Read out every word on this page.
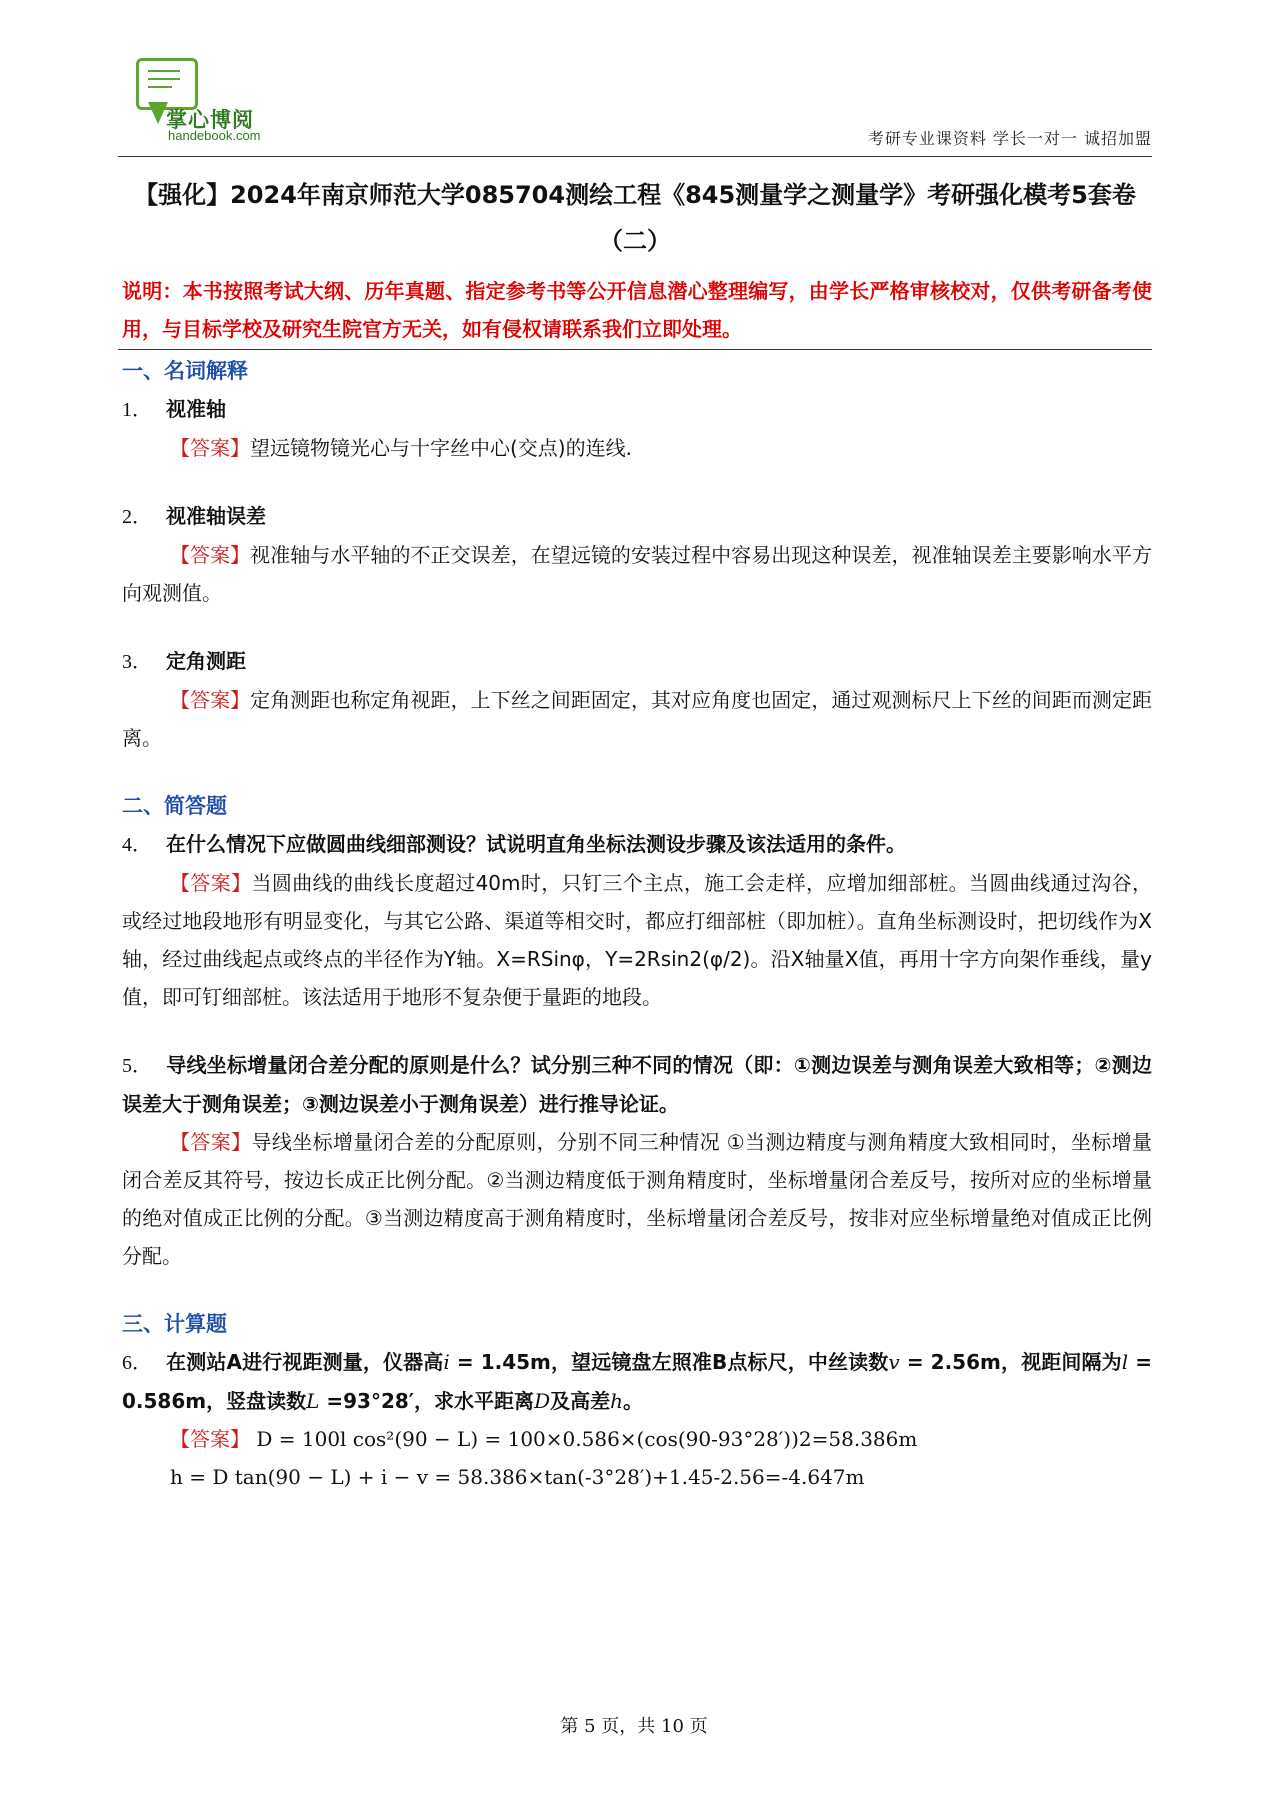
掌心博阅
handebook.com	考研专业课资料 学长一对一 诚招加盟
【强化】2024年南京师范大学085704测绘工程《845测量学之测量学》考研强化模考5套卷（二）
说明：本书按照考试大纲、历年真题、指定参考书等公开信息潜心整理编写，由学长严格审核校对，仅供考研备考使用，与目标学校及研究生院官方无关，如有侵权请联系我们立即处理。

一、名词解释

1． 视准轴

【答案】望远镜物镜光心与十字丝中心(交点)的连线.

2． 视准轴误差

【答案】视准轴与水平轴的不正交误差，在望远镜的安装过程中容易出现这种误差，视准轴误差主要影响水平方向观测值。

3． 定角测距

【答案】定角测距也称定角视距，上下丝之间距固定，其对应角度也固定，通过观测标尺上下丝的间距而测定距离。

二、简答题

4． 在什么情况下应做圆曲线细部测设？试说明直角坐标法测设步骤及该法适用的条件。

【答案】当圆曲线的曲线长度超过40m时，只钉三个主点，施工会走样，应增加细部桩。当圆曲线通过沟谷，或经过地段地形有明显变化，与其它公路、渠道等相交时，都应打细部桩（即加桩）。直角坐标测设时，把切线作为X轴，经过曲线起点或终点的半径作为Y轴。X=RSinφ，Y=2Rsin2(φ/2)。沿X轴量X值，再用十字方向架作垂线，量y值，即可钉细部桩。该法适用于地形不复杂便于量距的地段。

5． 导线坐标增量闭合差分配的原则是什么？试分别三种不同的情况（即：①测边误差与测角误差大致相等；②测边误差大于测角误差；③测边误差小于测角误差）进行推导论证。

【答案】导线坐标增量闭合差的分配原则，分别不同三种情况 ①当测边精度与测角精度大致相同时，坐标增量闭合差反其符号，按边长成正比例分配。②当测边精度低于测角精度时，坐标增量闭合差反号，按所对应的坐标增量的绝对值成正比例的分配。③当测边精度高于测角精度时，坐标增量闭合差反号，按非对应坐标增量绝对值成正比例分配。

三、计算题

6． 在测站A进行视距测量，仪器高i = 1.45m，望远镜盘左照准B点标尺，中丝读数v = 2.56m，视距间隔为l = 0.586m，竖盘读数L =93°28′，求水平距离D及高差h。

【答案】 D = 100l cos²(90 − L) = 100×0.586×(cos(90-93°28′))2=58.386m

h = D tan(90 − L) + i − v = 58.386×tan(-3°28′)+1.45-2.56=-4.647m

第 5 页，共 10 页
